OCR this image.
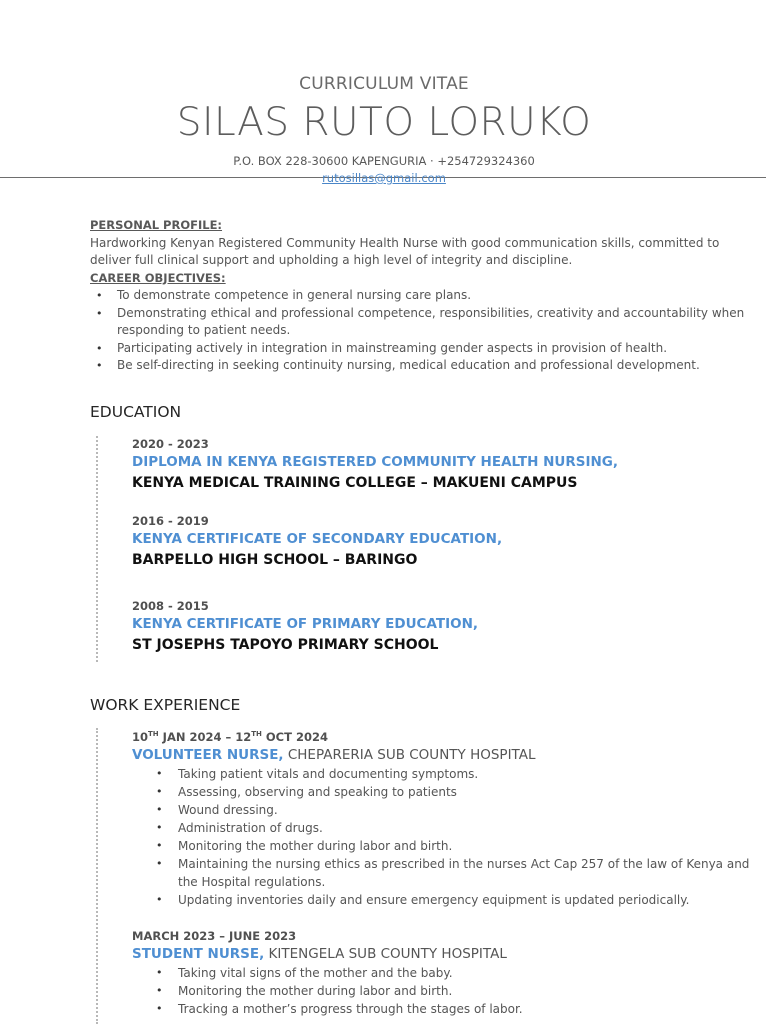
CURRICULUM VITAE
SILAS RUTO LORUKO
P.O. BOX 228-30600 KAPENGURIA · +254729324360
rutosillas@gmail.com
PERSONAL PROFILE:
Hardworking Kenyan Registered Community Health Nurse with good communication skills, committed to deliver full clinical support and upholding a high level of integrity and discipline.
CAREER OBJECTIVES:
• To demonstrate competence in general nursing care plans.
• Demonstrating ethical and professional competence, responsibilities, creativity and accountability when responding to patient needs.
• Participating actively in integration in mainstreaming gender aspects in provision of health.
• Be self-directing in seeking continuity nursing, medical education and professional development.
EDUCATION
2020 - 2023
DIPLOMA IN KENYA REGISTERED COMMUNITY HEALTH NURSING,
KENYA MEDICAL TRAINING COLLEGE – MAKUENI CAMPUS
2016 - 2019
KENYA CERTIFICATE OF SECONDARY EDUCATION,
BARPELLO HIGH SCHOOL – BARINGO
2008 - 2015
KENYA CERTIFICATE OF PRIMARY EDUCATION,
ST JOSEPHS TAPOYO PRIMARY SCHOOL
WORK EXPERIENCE
10TH JAN 2024 – 12TH OCT 2024
VOLUNTEER NURSE, CHEPARERIA SUB COUNTY HOSPITAL
• Taking patient vitals and documenting symptoms.
• Assessing, observing and speaking to patients
• Wound dressing.
• Administration of drugs.
• Monitoring the mother during labor and birth.
• Maintaining the nursing ethics as prescribed in the nurses Act Cap 257 of the law of Kenya and the Hospital regulations.
• Updating inventories daily and ensure emergency equipment is updated periodically.
MARCH 2023 – JUNE 2023
STUDENT NURSE, KITENGELA SUB COUNTY HOSPITAL
• Taking vital signs of the mother and the baby.
• Monitoring the mother during labor and birth.
• Tracking a mother’s progress through the stages of labor.
